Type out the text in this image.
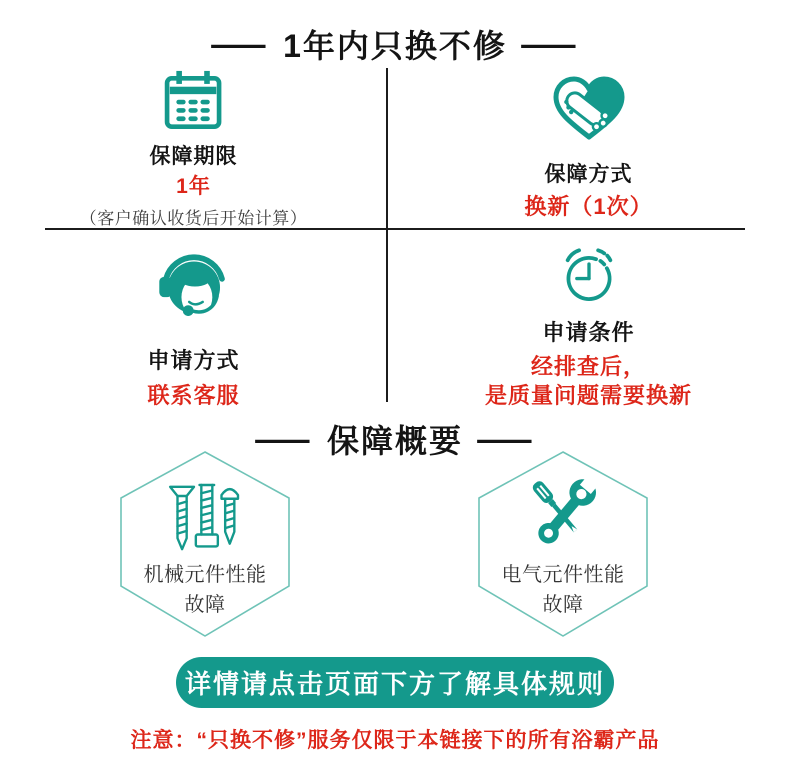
— 1年内只换不修 —
保障期限
1年
（客户确认收货后开始计算）
保障方式
换新（1次）
申请方式
联系客服
申请条件
经排查后，
是质量问题需要换新
— 保障概要 —
机械元件性能
故障
电气元件性能
故障
详情请点击页面下方了解具体规则
注意：“只换不修”服务仅限于本链接下的所有浴霸产品
